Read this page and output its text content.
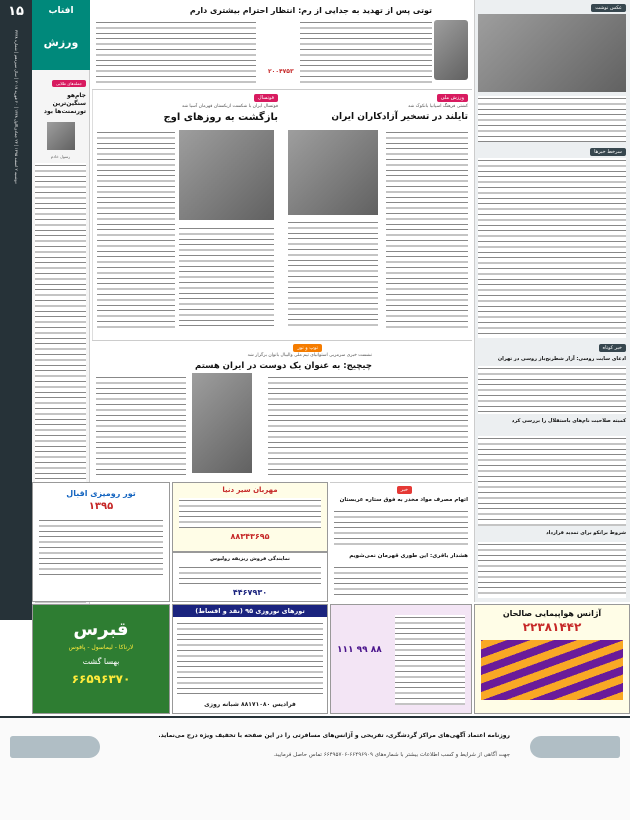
۱۵
دوشنبه ۲ اسفند ۱۳۹۵ | ۲۳ جمادی‌الاول ۱۴۳۸ | ۲۰ فوریه ۲۰۱۷ | سال سیزدهم | شماره ۳۴۳۸
آفتاب
ورزش
جمله‌های طلایی
جام‌هو سنگین‌ترین تورنمنت‌ها بود
رسول خادم
توتی پس از تهدید به جدایی از رم: انتظار احترام بیشتری دارم
۲۰۰۴۷۵۳
فوتسال
فوتسال ایران با شکست ازبکستان قهرمان آسیا شد
بازگشت به روزهای اوج
ورزش ملی
کشتی فرهنگ اسپانیا بانکوک شد
تایلند در تسخیر آزادکاران ایران
توپ و تور
نشست خبری سرمربی استوانیای تیم ملی والیبال بانوان برگزار شد
چیچیج: به عنوان یک دوست در ایران هستم
خبر
اتهام مصرف مواد مخدر به فوق ستاره عربستان
هشدار باقری: این طوری قهرمان نمی‌شویم
مهربان سیر دنیا
۸۸۳۴۳۶۹۵
نمایندگی فروش ریزیفه رولیوس
۴۴۶۷۹۳۰
تور رومیزی اقبال
۱۳۹۵
قبرس
لارناکا - لیماسول - پافوس
بهسا گشت
۶۶۵۹۶۳۷۰
تورهای نوروزی ۹۵ (نقد و اقساط)
فرادیس ۸۸۱۷۱۰۸۰ شبانه روزی
۸۸ ۹۹ ۱۱۱
آژانس هواپیمایی صالحان
۲۲۳۸۱۴۴۲
عکس نوشت
سرخط خبرها
خبر کوتاه
ادعای سایت روسی: آزار شطرنج‌باز روسی در تهران
کمیته صلاحیت نام‌های باستقلال را بررسی کرد
شروط برانکو برای تمدید قرارداد
روزنامه اعتماد آگهی‌های مراکز گردشگری، تفریحی و آژانس‌های مسافرتی را در این صفحه با تخفیف ویژه درج می‌نماید.
جهت آگاهی از شرایط و کسب اطلاعات بیشتر با شماره‌های ۶۶۴۹۶۹۰۹-۶۶۴۹۵۷۰۶ تماس حاصل فرمایید.
